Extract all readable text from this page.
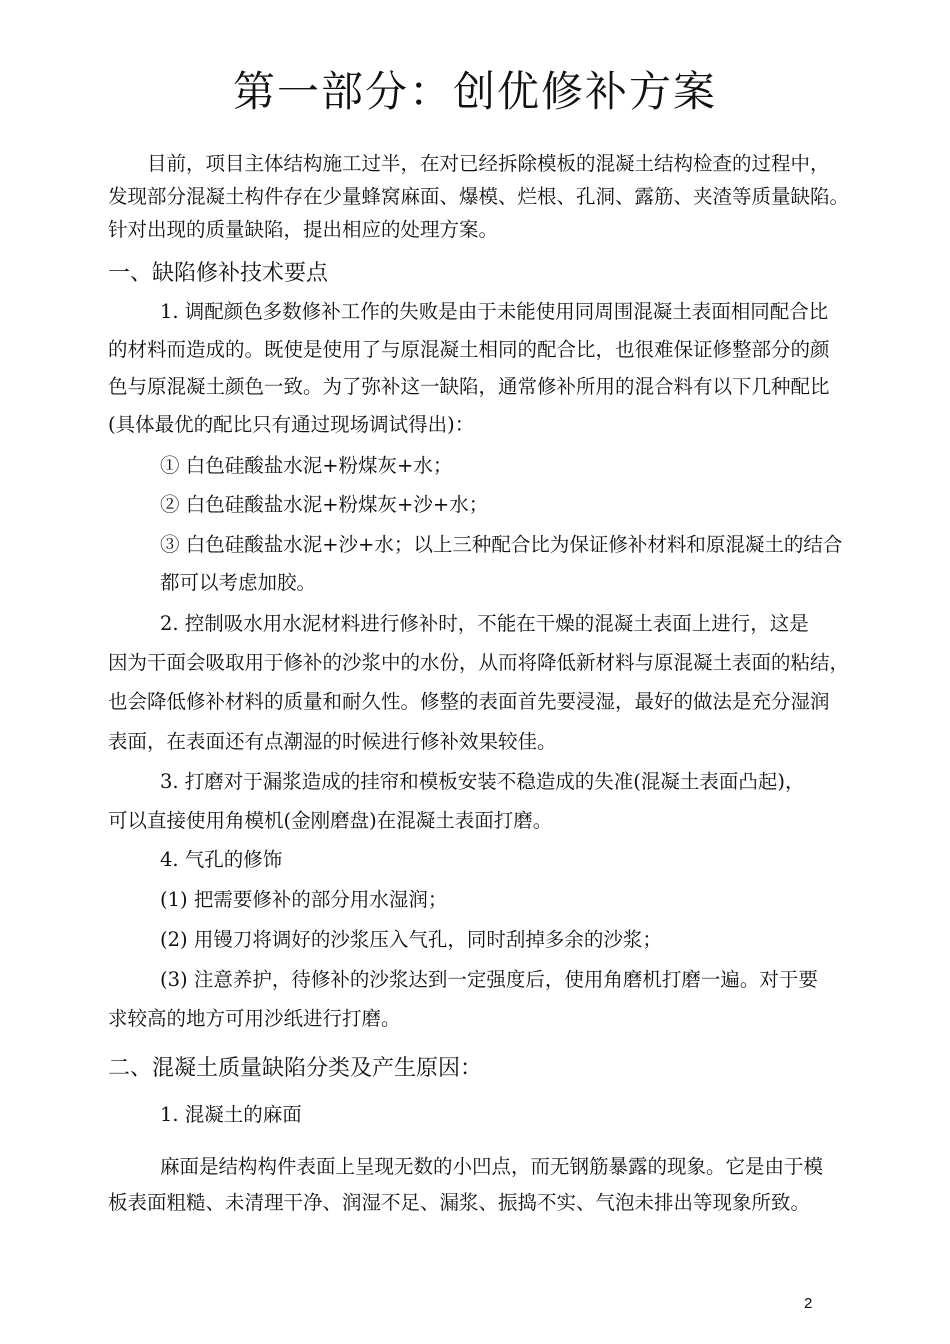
第一部分：创优修补方案

目前，项目主体结构施工过半，在对已经拆除模板的混凝土结构检查的过程中，

发现部分混凝土构件存在少量蜂窝麻面、爆模、烂根、孔洞、露筋、夹渣等质量缺陷。

针对出现的质量缺陷，提出相应的处理方案。

一、缺陷修补技术要点

1. 调配颜色多数修补工作的失败是由于未能使用同周围混凝土表面相同配合比

的材料而造成的。既使是使用了与原混凝土相同的配合比，也很难保证修整部分的颜

色与原混凝土颜色一致。为了弥补这一缺陷，通常修补所用的混合料有以下几种配比

(具体最优的配比只有通过现场调试得出)：

① 白色硅酸盐水泥+粉煤灰+水；

② 白色硅酸盐水泥+粉煤灰+沙+水；

③ 白色硅酸盐水泥+沙+水；以上三种配合比为保证修补材料和原混凝土的结合

都可以考虑加胶。

2. 控制吸水用水泥材料进行修补时，不能在干燥的混凝土表面上进行，这是

因为干面会吸取用于修补的沙浆中的水份，从而将降低新材料与原混凝土表面的粘结，

也会降低修补材料的质量和耐久性。修整的表面首先要浸湿，最好的做法是充分湿润

表面，在表面还有点潮湿的时候进行修补效果较佳。

3. 打磨对于漏浆造成的挂帘和模板安装不稳造成的失准(混凝土表面凸起)，

可以直接使用角模机(金刚磨盘)在混凝土表面打磨。

4. 气孔的修饰

(1) 把需要修补的部分用水湿润；

(2) 用镘刀将调好的沙浆压入气孔，同时刮掉多余的沙浆；

(3) 注意养护，待修补的沙浆达到一定强度后，使用角磨机打磨一遍。对于要

求较高的地方可用沙纸进行打磨。

二、混凝土质量缺陷分类及产生原因：

1. 混凝土的麻面

麻面是结构构件表面上呈现无数的小凹点，而无钢筋暴露的现象。它是由于模

板表面粗糙、未清理干净、润湿不足、漏浆、振捣不实、气泡未排出等现象所致。

2
